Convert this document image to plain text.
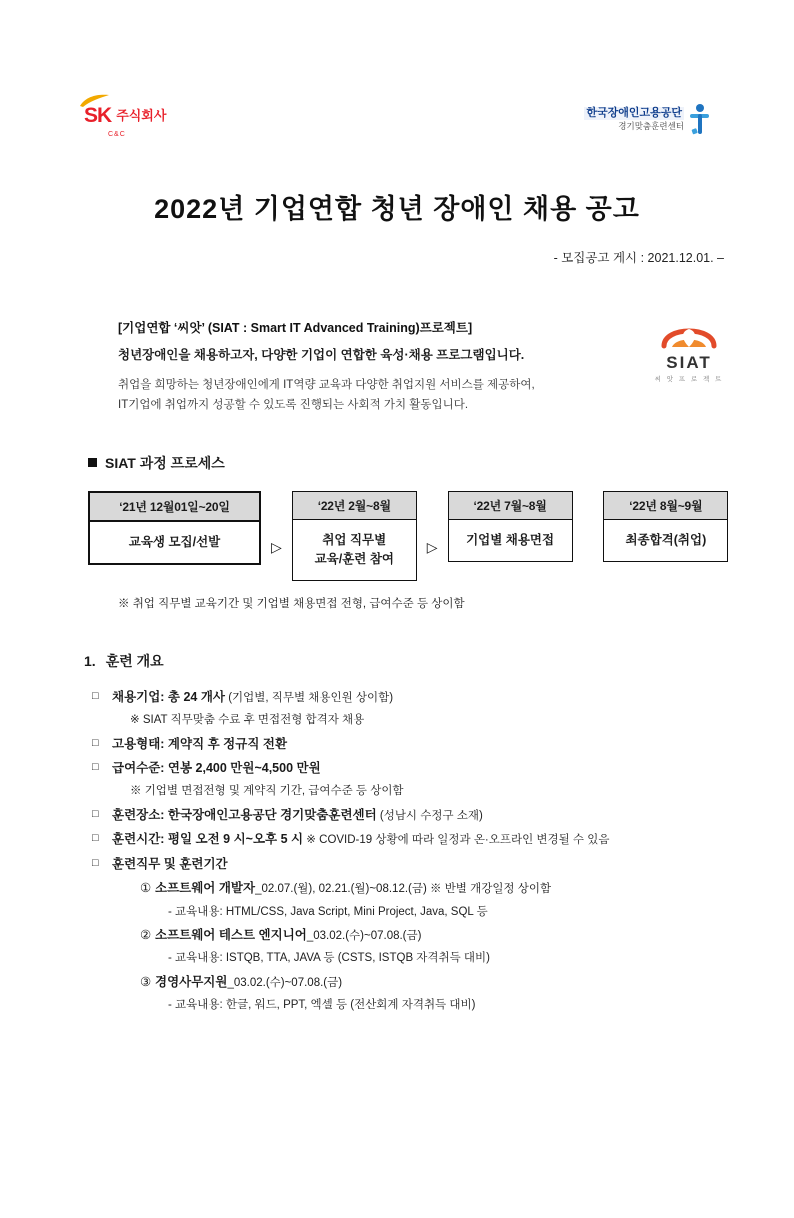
SK 주식회사
C&C
한국장애인고용공단
경기맞춤훈련센터
2022년 기업연합 청년 장애인 채용 공고
- 모집공고 게시 : 2021.12.01. –
[기업연합 ‘씨앗’ (SIAT : Smart IT Advanced Training)프로젝트]
청년장애인을 채용하고자, 다양한 기업이 연합한 육성·채용 프로그램입니다.
취업을 희망하는 청년장애인에게 IT역량 교육과 다양한 취업지원 서비스를 제공하여,
IT기업에 취업까지 성공할 수 있도록 진행되는 사회적 가치 활동입니다.
SIAT
씨 앗 프 로 젝 트
SIAT 과정 프로세스
‘21년 12월01일~20일
교육생 모집/선발	▷
‘22년 2월~8월
취업 직무별
교육/훈련 참여
▷
‘22년 7월~8월
기업별 채용면접
‘22년 8월~9월
최종합격(취업)
※ 취업 직무별 교육기간 및 기업별 채용면접 전형, 급여수준 등 상이함
1. 훈련 개요
□ 채용기업: 총 24 개사 (기업별, 직무별 채용인원 상이함)
※ SIAT 직무맞춤 수료 후 면접전형 합격자 채용
□ 고용형태: 계약직 후 정규직 전환
□ 급여수준: 연봉 2,400 만원~4,500 만원
※ 기업별 면접전형 및 계약직 기간, 급여수준 등 상이함
□ 훈련장소: 한국장애인고용공단 경기맞춤훈련센터 (성남시 수정구 소재)
□ 훈련시간: 평일 오전 9 시~오후 5 시 ※ COVID-19 상황에 따라 일정과 온·오프라인 변경될 수 있음
□ 훈련직무 및 훈련기간
① 소프트웨어 개발자_02.07.(월), 02.21.(월)~08.12.(금) ※ 반별 개강일정 상이함
- 교육내용: HTML/CSS, Java Script, Mini Project, Java, SQL 등
② 소프트웨어 테스트 엔지니어_03.02.(수)~07.08.(금)
- 교육내용: ISTQB, TTA, JAVA 등 (CSTS, ISTQB 자격취득 대비)
③ 경영사무지원_03.02.(수)~07.08.(금)
- 교육내용: 한글, 워드, PPT, 엑셀 등 (전산회계 자격취득 대비)
